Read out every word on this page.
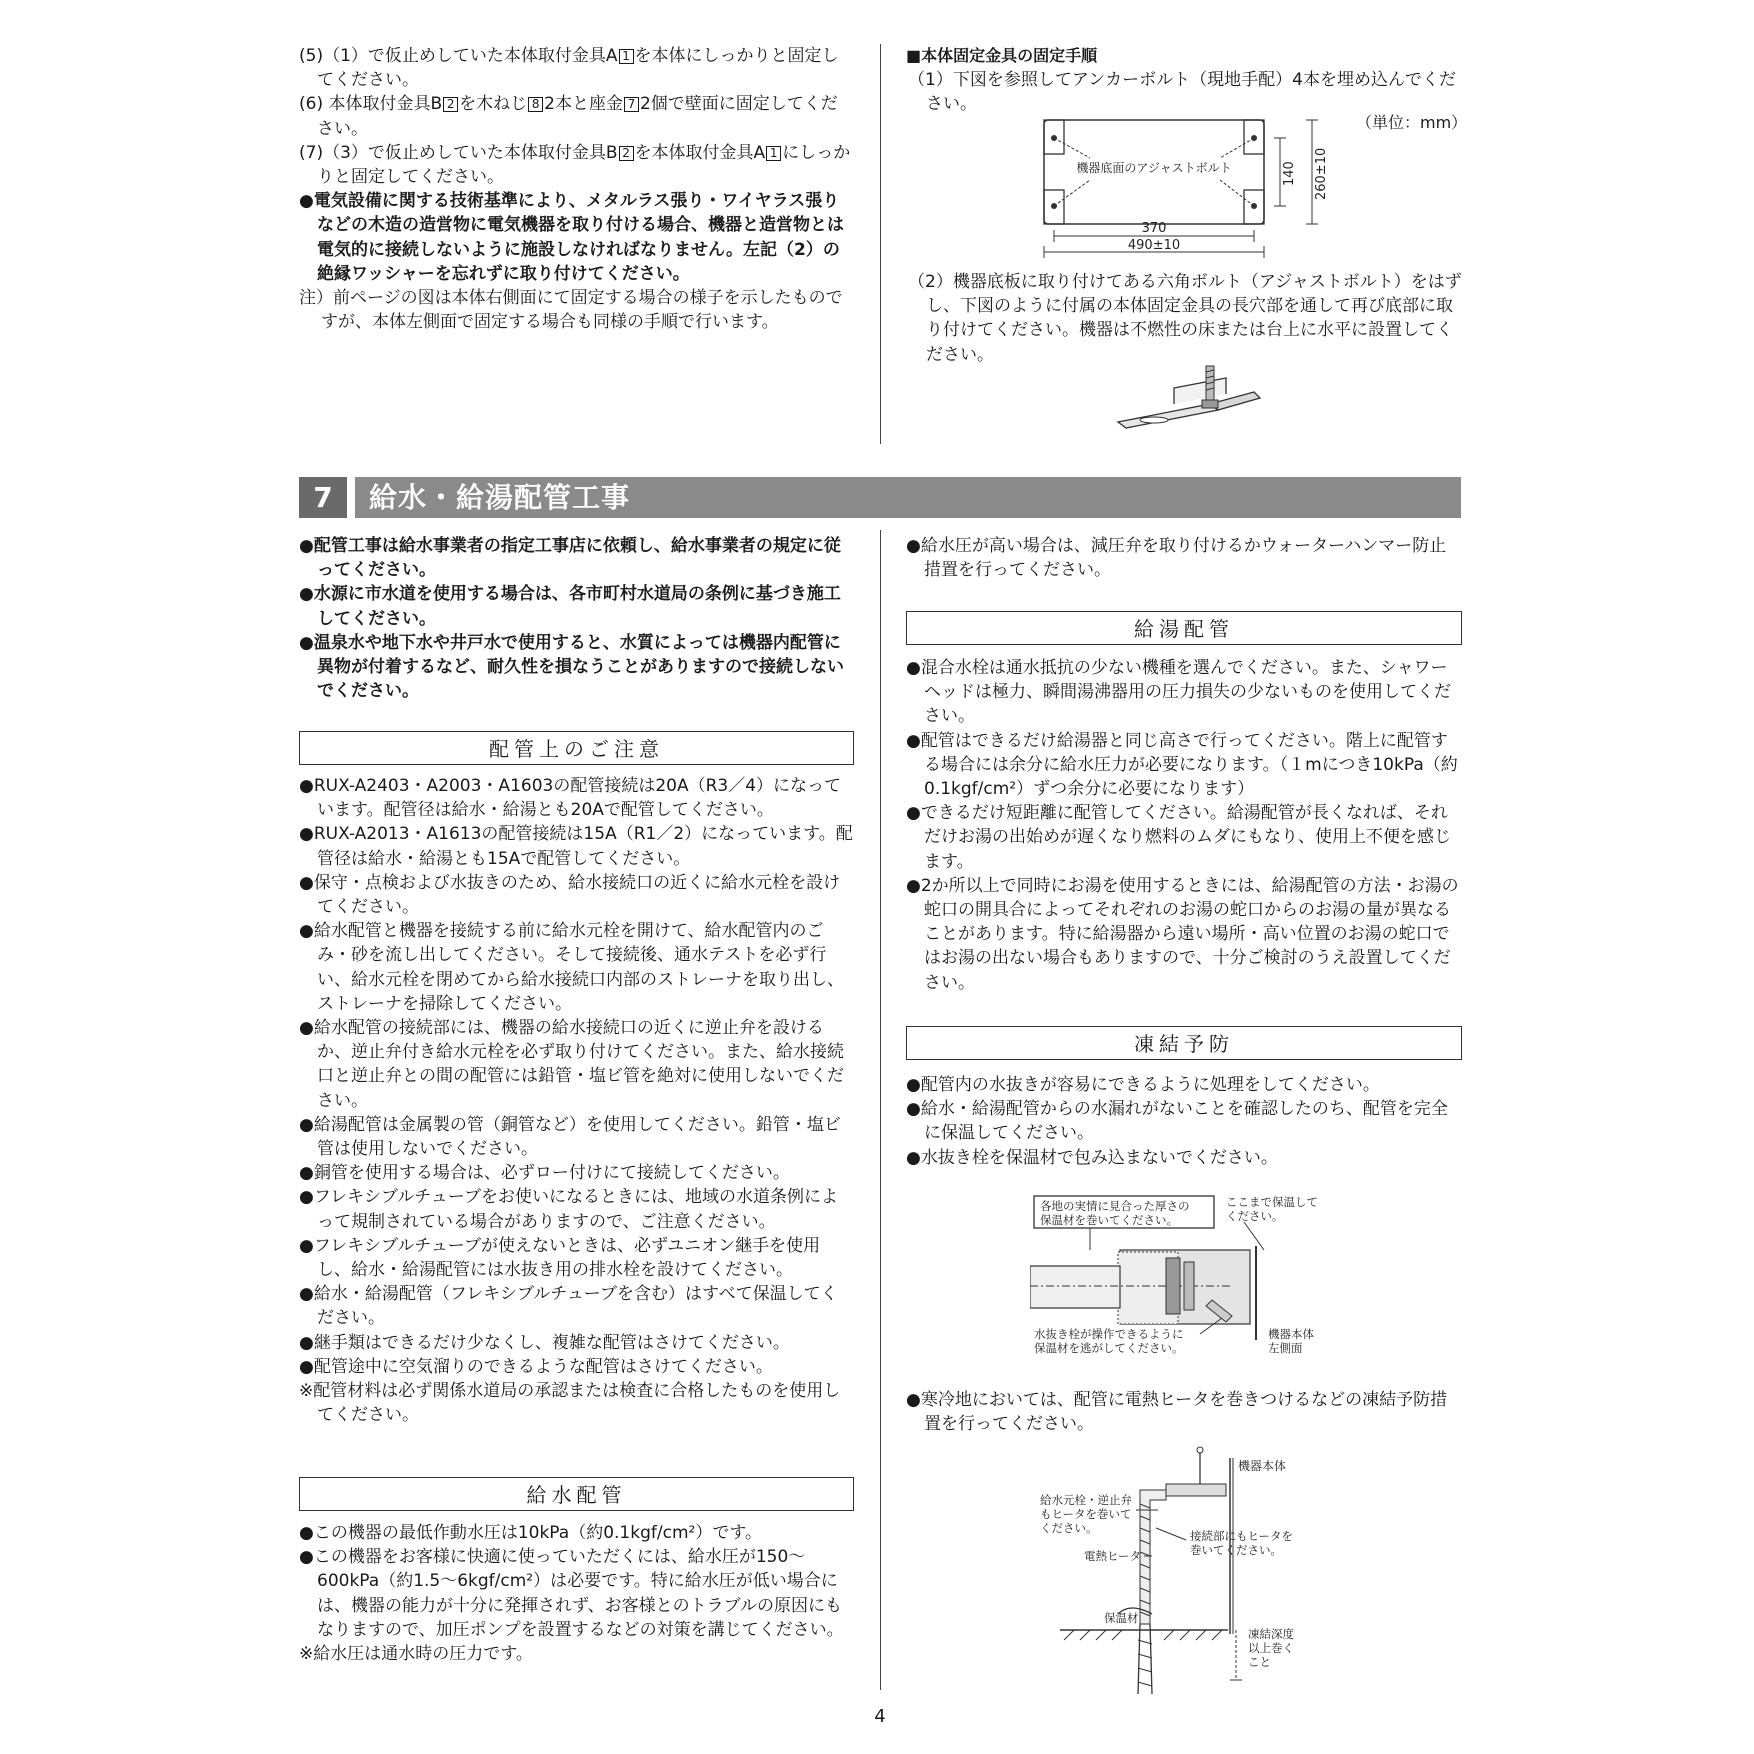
(5)（1）で仮止めしていた本体取付金具A 1 を本体にしっかりと固定してください。

(6) 本体取付金具B 2 を木ねじ 8 2本と座金 7 2個で壁面に固定してください。

(7)（3）で仮止めしていた本体取付金具B 2 を本体取付金具A 1 にしっかりと固定してください。

●電気設備に関する技術基準により、メタルラス張り・ワイヤラス張りなどの木造の造営物に電気機器を取り付ける場合、機器と造営物とは電気的に接続しないように施設しなければなりません。左記（2）の絶縁ワッシャーを忘れずに取り付けてください。

注）前ページの図は本体右側面にて固定する場合の様子を示したものですが、本体左側面で固定する場合も同様の手順で行います。

■本体固定金具の固定手順

（1）下図を参照してアンカーボルト（現地手配）4本を埋め込んでください。

（単位：mm）
機器底面のアジャストボルト	140 260±10
370
490±10

（2）機器底板に取り付けてある六角ボルト（アジャストボルト）をはずし、下図のように付属の本体固定金具の長穴部を通して再び底部に取り付けてください。機器は不燃性の床または台上に水平に設置してください。

7	給水・給湯配管工事

●配管工事は給水事業者の指定工事店に依頼し、給水事業者の規定に従ってください。

●水源に市水道を使用する場合は、各市町村水道局の条例に基づき施工してください。

●温泉水や地下水や井戸水で使用すると、水質によっては機器内配管に異物が付着するなど、耐久性を損なうことがありますので接続しないでください。

配管上のご注意

●RUX-A2403・A2003・A1603の配管接続は20A（R3／4）になっています。配管径は給水・給湯とも20Aで配管してください。

●RUX-A2013・A1613の配管接続は15A（R1／2）になっています。配管径は給水・給湯とも15Aで配管してください。

●保守・点検および水抜きのため、給水接続口の近くに給水元栓を設けてください。

●給水配管と機器を接続する前に給水元栓を開けて、給水配管内のごみ・砂を流し出してください。そして接続後、通水テストを必ず行い、給水元栓を閉めてから給水接続口内部のストレーナを取り出し、ストレーナを掃除してください。

●給水配管の接続部には、機器の給水接続口の近くに逆止弁を設けるか、逆止弁付き給水元栓を必ず取り付けてください。また、給水接続口と逆止弁との間の配管には鉛管・塩ビ管を絶対に使用しないでください。

●給湯配管は金属製の管（銅管など）を使用してください。鉛管・塩ビ管は使用しないでください。

●銅管を使用する場合は、必ずロー付けにて接続してください。

●フレキシブルチューブをお使いになるときには、地域の水道条例によって規制されている場合がありますので、ご注意ください。

●フレキシブルチューブが使えないときは、必ずユニオン継手を使用し、給水・給湯配管には水抜き用の排水栓を設けてください。

●給水・給湯配管（フレキシブルチューブを含む）はすべて保温してください。

●継手類はできるだけ少なくし、複雑な配管はさけてください。

●配管途中に空気溜りのできるような配管はさけてください。

※配管材料は必ず関係水道局の承認または検査に合格したものを使用してください。

給水配管

●この機器の最低作動水圧は10kPa（約0.1kgf/cm²）です。

●この機器をお客様に快適に使っていただくには、給水圧が150〜600kPa（約1.5〜6kgf/cm²）は必要です。特に給水圧が低い場合には、機器の能力が十分に発揮されず、お客様とのトラブルの原因にもなりますので、加圧ポンプを設置するなどの対策を講じてください。

※給水圧は通水時の圧力です。

●給水圧が高い場合は、減圧弁を取り付けるかウォーターハンマー防止措置を行ってください。

給湯配管

●混合水栓は通水抵抗の少ない機種を選んでください。また、シャワーヘッドは極力、瞬間湯沸器用の圧力損失の少ないものを使用してください。

●配管はできるだけ給湯器と同じ高さで行ってください。階上に配管する場合には余分に給水圧力が必要になります。（１mにつき10kPa（約0.1kgf/cm²）ずつ余分に必要になります）

●できるだけ短距離に配管してください。給湯配管が長くなれば、それだけお湯の出始めが遅くなり燃料のムダにもなり、使用上不便を感じます。

●2か所以上で同時にお湯を使用するときには、給湯配管の方法・お湯の蛇口の開具合によってそれぞれのお湯の蛇口からのお湯の量が異なることがあります。特に給湯器から遠い場所・高い位置のお湯の蛇口ではお湯の出ない場合もありますので、十分ご検討のうえ設置してください。

凍結予防

●配管内の水抜きが容易にできるように処理をしてください。

●給水・給湯配管からの水漏れがないことを確認したのち、配管を完全に保温してください。

●水抜き栓を保温材で包み込まないでください。

各地の実情に見合った厚さの
保温材を巻いてください。
ここまで保温して
ください。
水抜き栓が操作できるように
保温材を逃がしてください。
機器本体
左側面

●寒冷地においては、配管に電熱ヒータを巻きつけるなどの凍結予防措置を行ってください。

機器本体
給水元栓・逆止弁
もヒータを巻いて
ください。
接続部にもヒータを
巻いてください。
電熱ヒータ
保温材
凍結深度
以上巻く
こと
4
